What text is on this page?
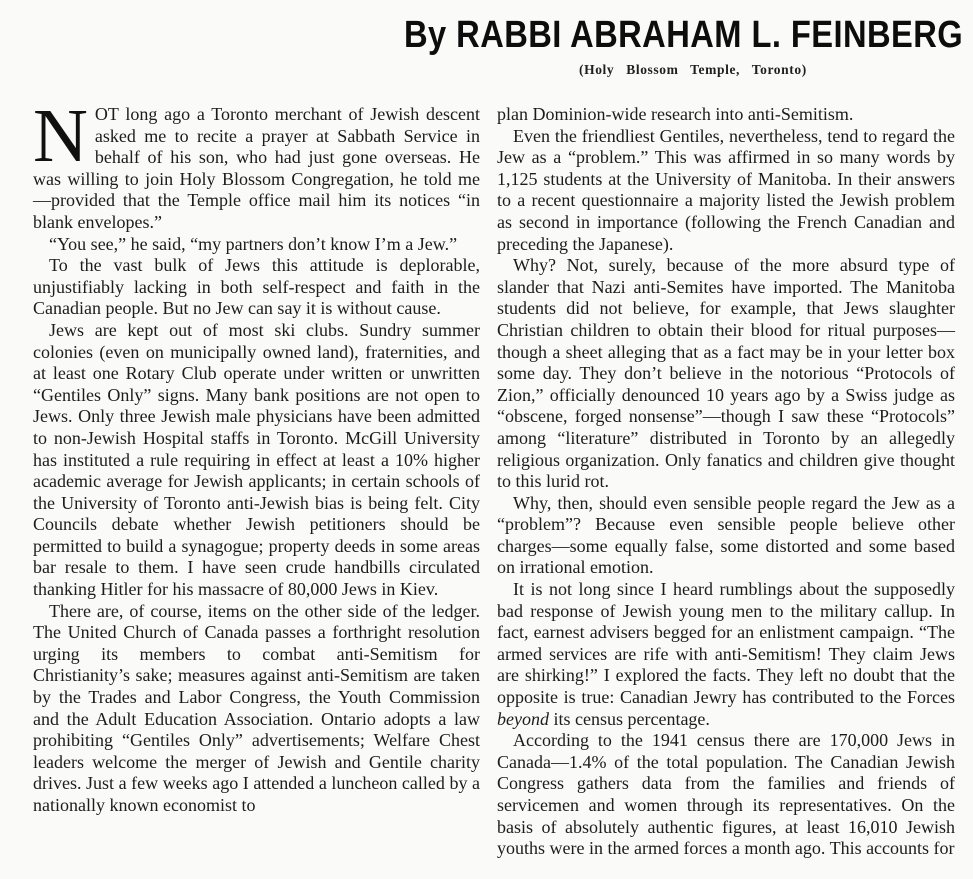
By RABBI ABRAHAM L. FEINBERG
(Holy Blossom Temple, Toronto)

NOT long ago a Toronto merchant of Jewish descent asked me to recite a prayer at Sabbath Service in behalf of his son, who had just gone overseas. He was willing to join Holy Blossom Congregation, he told me—provided that the Temple office mail him its notices “in blank envelopes.”

“You see,” he said, “my partners don’t know I’m a Jew.”

To the vast bulk of Jews this attitude is deplorable, unjustifiably lacking in both self-respect and faith in the Canadian people. But no Jew can say it is without cause.

Jews are kept out of most ski clubs. Sundry summer colonies (even on municipally owned land), fraternities, and at least one Rotary Club operate under written or unwritten “Gentiles Only” signs. Many bank positions are not open to Jews. Only three Jewish male physicians have been admitted to non-Jewish Hospital staffs in Toronto. McGill University has instituted a rule requiring in effect at least a 10% higher academic average for Jewish applicants; in certain schools of the University of Toronto anti-Jewish bias is being felt. City Councils debate whether Jewish petitioners should be permitted to build a synagogue; property deeds in some areas bar resale to them. I have seen crude handbills circulated thanking Hitler for his massacre of 80,000 Jews in Kiev.

There are, of course, items on the other side of the ledger. The United Church of Canada passes a forthright resolution urging its members to combat anti-Semitism for Christianity’s sake; measures against anti-Semitism are taken by the Trades and Labor Congress, the Youth Commission and the Adult Education Association. Ontario adopts a law prohibiting “Gentiles Only” advertisements; Welfare Chest leaders welcome the merger of Jewish and Gentile charity drives. Just a few weeks ago I attended a luncheon called by a nationally known economist to

plan Dominion-wide research into anti-Semitism.

Even the friendliest Gentiles, nevertheless, tend to regard the Jew as a “problem.” This was affirmed in so many words by 1,125 students at the University of Manitoba. In their answers to a recent questionnaire a majority listed the Jewish problem as second in importance (following the French Canadian and preceding the Japanese).

Why? Not, surely, because of the more absurd type of slander that Nazi anti-Semites have imported. The Manitoba students did not believe, for example, that Jews slaughter Christian children to obtain their blood for ritual purposes—though a sheet alleging that as a fact may be in your letter box some day. They don’t believe in the notorious “Protocols of Zion,” officially denounced 10 years ago by a Swiss judge as “obscene, forged nonsense”—though I saw these “Protocols” among “literature” distributed in Toronto by an allegedly religious organization. Only fanatics and children give thought to this lurid rot.

Why, then, should even sensible people regard the Jew as a “problem”? Because even sensible people believe other charges—some equally false, some distorted and some based on irrational emotion.

It is not long since I heard rumblings about the supposedly bad response of Jewish young men to the military callup. In fact, earnest advisers begged for an enlistment campaign. “The armed services are rife with anti-Semitism! They claim Jews are shirking!” I explored the facts. They left no doubt that the opposite is true: Canadian Jewry has contributed to the Forces beyond its census percentage.

According to the 1941 census there are 170,000 Jews in Canada—1.4% of the total population. The Canadian Jewish Congress gathers data from the families and friends of servicemen and women through its representatives. On the basis of absolutely authentic figures, at least 16,010 Jewish youths were in the armed forces a month ago. This accounts for
